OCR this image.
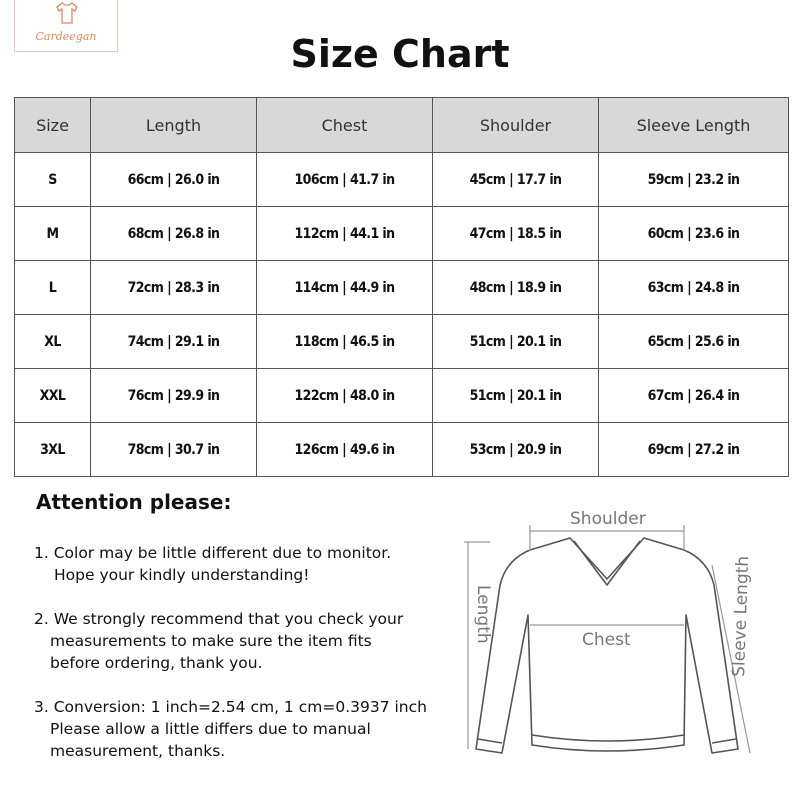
Cardeegan	Size Chart
Size	Length	Chest	Shoulder	Sleeve Length
S	66cm | 26.0 in	106cm | 41.7 in	45cm | 17.7 in	59cm | 23.2 in
M	68cm | 26.8 in	112cm | 44.1 in	47cm | 18.5 in	60cm | 23.6 in
L	72cm | 28.3 in	114cm | 44.9 in	48cm | 18.9 in	63cm | 24.8 in
XL	74cm | 29.1 in	118cm | 46.5 in	51cm | 20.1 in	65cm | 25.6 in
XXL	76cm | 29.9 in	122cm | 48.0 in	51cm | 20.1 in	67cm | 26.4 in
3XL	78cm | 30.7 in	126cm | 49.6 in	53cm | 20.9 in	69cm | 27.2 in
Attention please:

1. Color may be little different due to monitor.

Hope your kindly understanding!

2. We strongly recommend that you check your

measurements to make sure the item fits

before ordering, thank you.

3. Conversion: 1 inch=2.54 cm, 1 cm=0.3937 inch

Please allow a little differs due to manual

measurement, thanks.

Shoulder
Length	Chest	Sleeve Length
